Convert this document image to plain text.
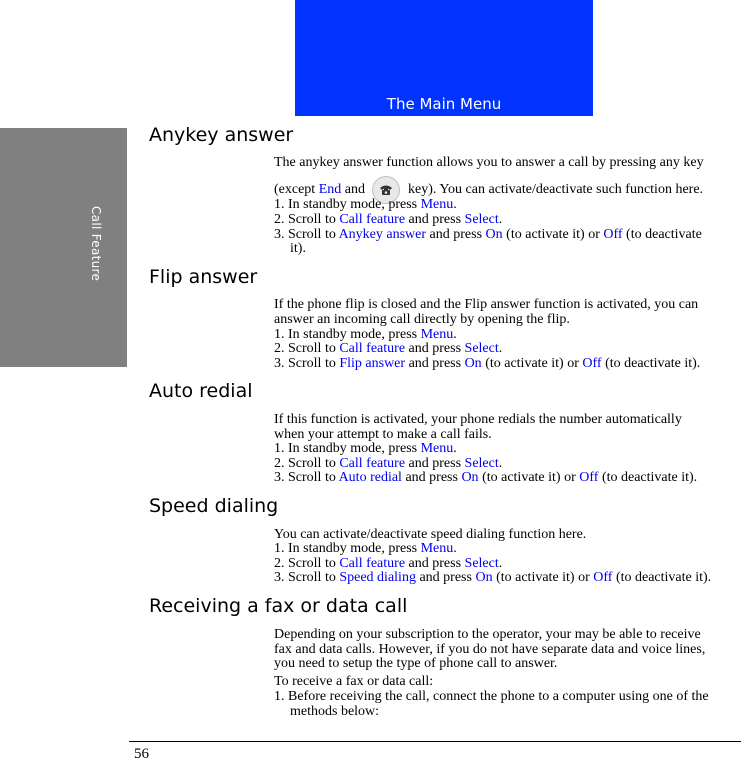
The Main Menu
Call Feature
Anykey answer
The anykey answer function allows you to answer a call by pressing any key
(except End and	key). You can activate/deactivate such function here.
1. In standby mode, press Menu.
2. Scroll to Call feature and press Select.
3. Scroll to Anykey answer and press On (to activate it) or Off (to deactivate
it).
Flip answer
If the phone flip is closed and the Flip answer function is activated, you can
answer an incoming call directly by opening the flip.
1. In standby mode, press Menu.
2. Scroll to Call feature and press Select.
3. Scroll to Flip answer and press On (to activate it) or Off (to deactivate it).
Auto redial
If this function is activated, your phone redials the number automatically
when your attempt to make a call fails.
1. In standby mode, press Menu.
2. Scroll to Call feature and press Select.
3. Scroll to Auto redial and press On (to activate it) or Off (to deactivate it).
Speed dialing
You can activate/deactivate speed dialing function here.
1. In standby mode, press Menu.
2. Scroll to Call feature and press Select.
3. Scroll to Speed dialing and press On (to activate it) or Off (to deactivate it).
Receiving a fax or data call
Depending on your subscription to the operator, your may be able to receive
fax and data calls. However, if you do not have separate data and voice lines,
you need to setup the type of phone call to answer.
To receive a fax or data call:
1. Before receiving the call, connect the phone to a computer using one of the
methods below:
56
